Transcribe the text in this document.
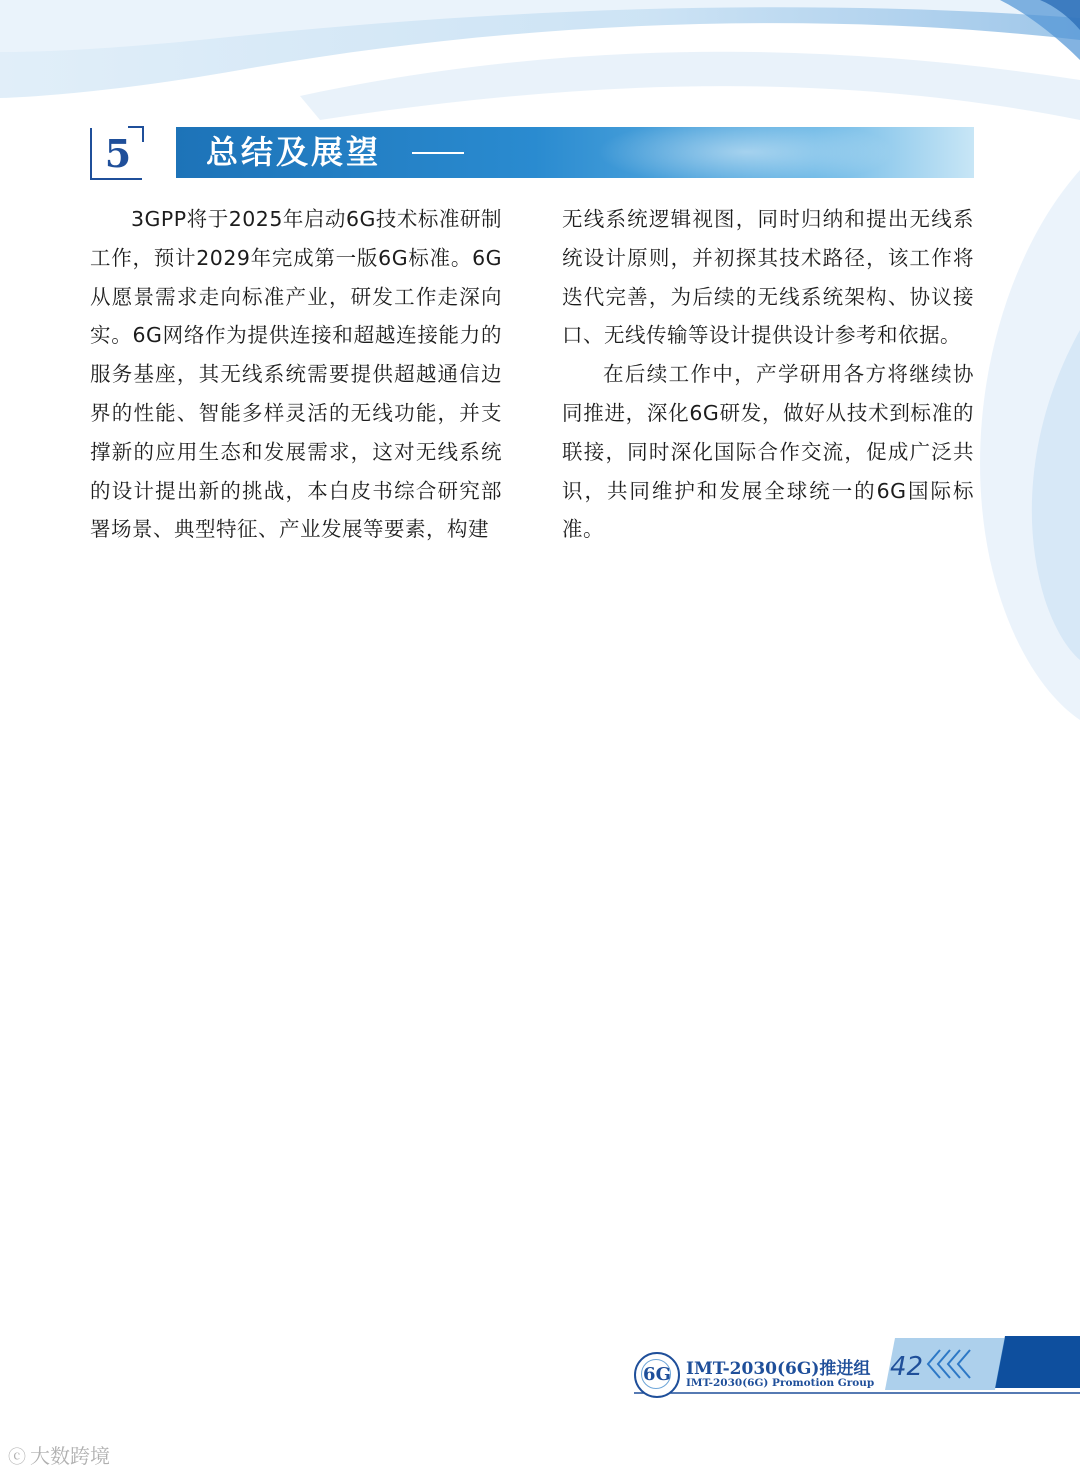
5	总结及展望

3GPP将于2025年启动6G技术标准研制工作，预计2029年完成第一版6G标准。6G从愿景需求走向标准产业，研发工作走深向实。6G网络作为提供连接和超越连接能力的服务基座，其无线系统需要提供超越通信边界的性能、智能多样灵活的无线功能，并支撑新的应用生态和发展需求，这对无线系统的设计提出新的挑战，本白皮书综合研究部署场景、典型特征、产业发展等要素，构建

无线系统逻辑视图，同时归纳和提出无线系统设计原则，并初探其技术路径，该工作将迭代完善，为后续的无线系统架构、协议接口、无线传输等设计提供设计参考和依据。

在后续工作中，产学研用各方将继续协同推进，深化6G研发，做好从技术到标准的联接，同时深化国际合作交流，促成广泛共识，共同维护和发展全球统一的6G国际标准。

6G IMT-2030(6G)推进组
IMT-2030(6G) Promotion Group
42
ⓒ 大数跨境
